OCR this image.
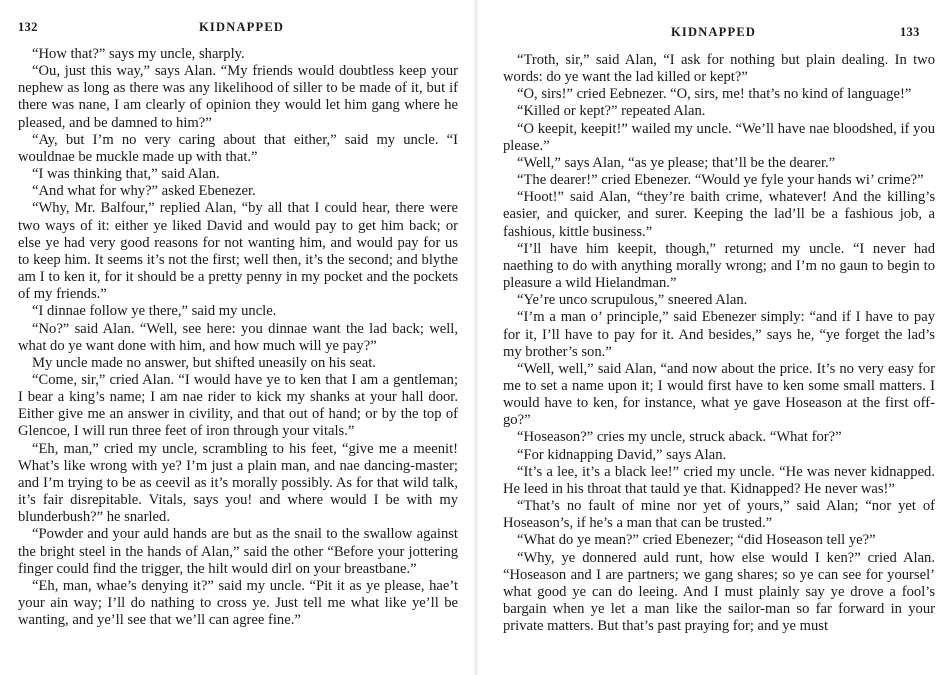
132	KIDNAPPED

“How that?” says my uncle, sharply.

“Ou, just this way,” says Alan. “My friends would doubtless keep your nephew as long as there was any likelihood of siller to be made of it, but if there was nane, I am clearly of opinion they would let him gang where he pleased, and be damned to him?”

“Ay, but I’m no very caring about that either,” said my uncle. “I wouldnae be muckle made up with that.”

“I was thinking that,” said Alan.

“And what for why?” asked Ebenezer.

“Why, Mr. Balfour,” replied Alan, “by all that I could hear, there were two ways of it: either ye liked David and would pay to get him back; or else ye had very good reasons for not wanting him, and would pay for us to keep him. It seems it’s not the first; well then, it’s the second; and blythe am I to ken it, for it should be a pretty penny in my pocket and the pockets of my friends.”

“I dinnae follow ye there,” said my uncle.

“No?” said Alan. “Well, see here: you dinnae want the lad back; well, what do ye want done with him, and how much will ye pay?”

My uncle made no answer, but shifted uneasily on his seat.

“Come, sir,” cried Alan. “I would have ye to ken that I am a gentleman; I bear a king’s name; I am nae rider to kick my shanks at your hall door. Either give me an answer in civility, and that out of hand; or by the top of Glencoe, I will run three feet of iron through your vitals.”

“Eh, man,” cried my uncle, scrambling to his feet, “give me a meenit! What’s like wrong with ye? I’m just a plain man, and nae dancing-master; and I’m trying to be as ceevil as it’s morally possibly. As for that wild talk, it’s fair disrepitable. Vitals, says you! and where would I be with my blunderbush?” he snarled.

“Powder and your auld hands are but as the snail to the swallow against the bright steel in the hands of Alan,” said the other “Before your jottering finger could find the trigger, the hilt would dirl on your breastbane.”

“Eh, man, whae’s denying it?” said my uncle. “Pit it as ye please, hae’t your ain way; I’ll do nathing to cross ye. Just tell me what like ye’ll be wanting, and ye’ll see that we’ll can agree fine.”

KIDNAPPED	133

“Troth, sir,” said Alan, “I ask for nothing but plain dealing. In two words: do ye want the lad killed or kept?”

“O, sirs!” cried Eebnezer. “O, sirs, me! that’s no kind of language!”

“Killed or kept?” repeated Alan.

“O keepit, keepit!” wailed my uncle. “We’ll have nae bloodshed, if you please.”

“Well,” says Alan, “as ye please; that’ll be the dearer.”

“The dearer!” cried Ebenezer. “Would ye fyle your hands wi’ crime?”

“Hoot!” said Alan, “they’re baith crime, whatever! And the killing’s easier, and quicker, and surer. Keeping the lad’ll be a fashious job, a fashious, kittle business.”

“I’ll have him keepit, though,” returned my uncle. “I never had naething to do with anything morally wrong; and I’m no gaun to begin to pleasure a wild Hielandman.”

“Ye’re unco scrupulous,” sneered Alan.

“I’m a man o’ principle,” said Ebenezer simply: “and if I have to pay for it, I’ll have to pay for it. And besides,” says he, “ye forget the lad’s my brother’s son.”

“Well, well,” said Alan, “and now about the price. It’s no very easy for me to set a name upon it; I would first have to ken some small matters. I would have to ken, for instance, what ye gave Hoseason at the first off-go?”

“Hoseason?” cries my uncle, struck aback. “What for?”

“For kidnapping David,” says Alan.

“It’s a lee, it’s a black lee!” cried my uncle. “He was never kidnapped. He leed in his throat that tauld ye that. Kidnapped? He never was!”

“That’s no fault of mine nor yet of yours,” said Alan; “nor yet of Hoseason’s, if he’s a man that can be trusted.”

“What do ye mean?” cried Ebenezer; “did Hoseason tell ye?”

“Why, ye donnered auld runt, how else would I ken?” cried Alan. “Hoseason and I are partners; we gang shares; so ye can see for yoursel’ what good ye can do leeing. And I must plainly say ye drove a fool’s bargain when ye let a man like the sailor-man so far forward in your private matters. But that’s past praying for; and ye must
